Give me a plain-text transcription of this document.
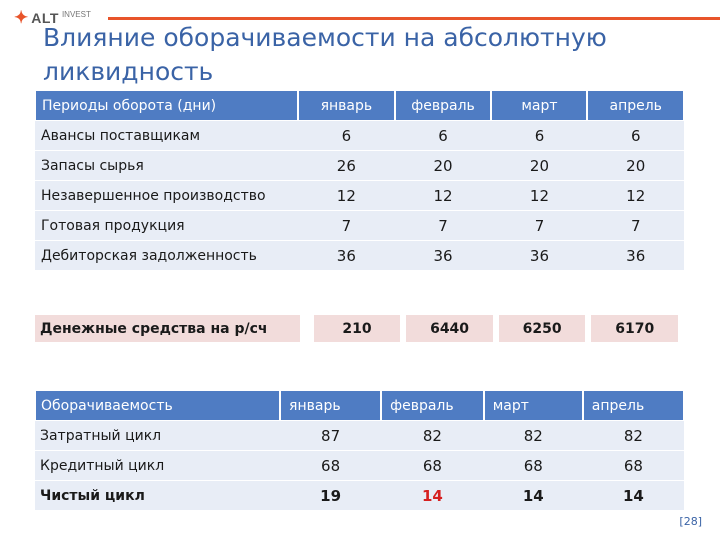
✦ ALT INVEST
Влияние оборачиваемости на абсолютную ликвидность
Периоды оборота (дни)	январь	февраль	март	апрель
Авансы поставщикам	6	6	6	6
Запасы сырья	26	20	20	20
Незавершенное производство	12	12	12	12
Готовая продукция	7	7	7	7
Дебиторская задолженность	36	36	36	36
Денежные средства на р/сч	210	6440	6250	6170
Оборачиваемость	январь	февраль	март	апрель
Затратный цикл	87	82	82	82
Кредитный цикл	68	68	68	68
Чистый цикл	19	14	14	14
[28]
